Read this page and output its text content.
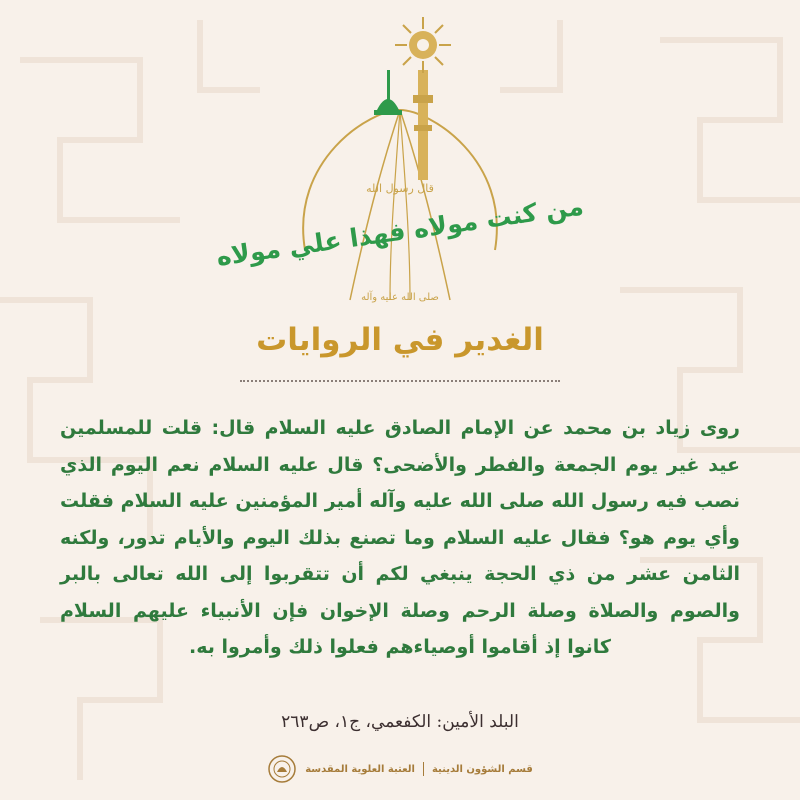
قال رسول الله
من كنت مولاه فهذا علي مولاه
صلى الله عليه وآله
الغدير في الروايات
روى زياد بن محمد عن الإمام الصادق عليه السلام قال: قلت للمسلمين عيد غير يوم الجمعة والفطر والأضحى؟ قال عليه السلام نعم اليوم الذي نصب فيه رسول الله صلى الله عليه وآله أمير المؤمنين عليه السلام فقلت وأي يوم هو؟ فقال عليه السلام وما تصنع بذلك اليوم والأيام تدور، ولكنه الثامن عشر من ذي الحجة ينبغي لكم أن تتقربوا إلى الله تعالى بالبر والصوم والصلاة وصلة الرحم وصلة الإخوان فإن الأنبياء عليهم السلام كانوا إذ أقاموا أوصياءهم فعلوا ذلك وأمروا به.
البلد الأمين: الكفعمي، ج١، ص٢٦٣
قسم الشؤون الدينية
العتبة العلوية المقدسة
